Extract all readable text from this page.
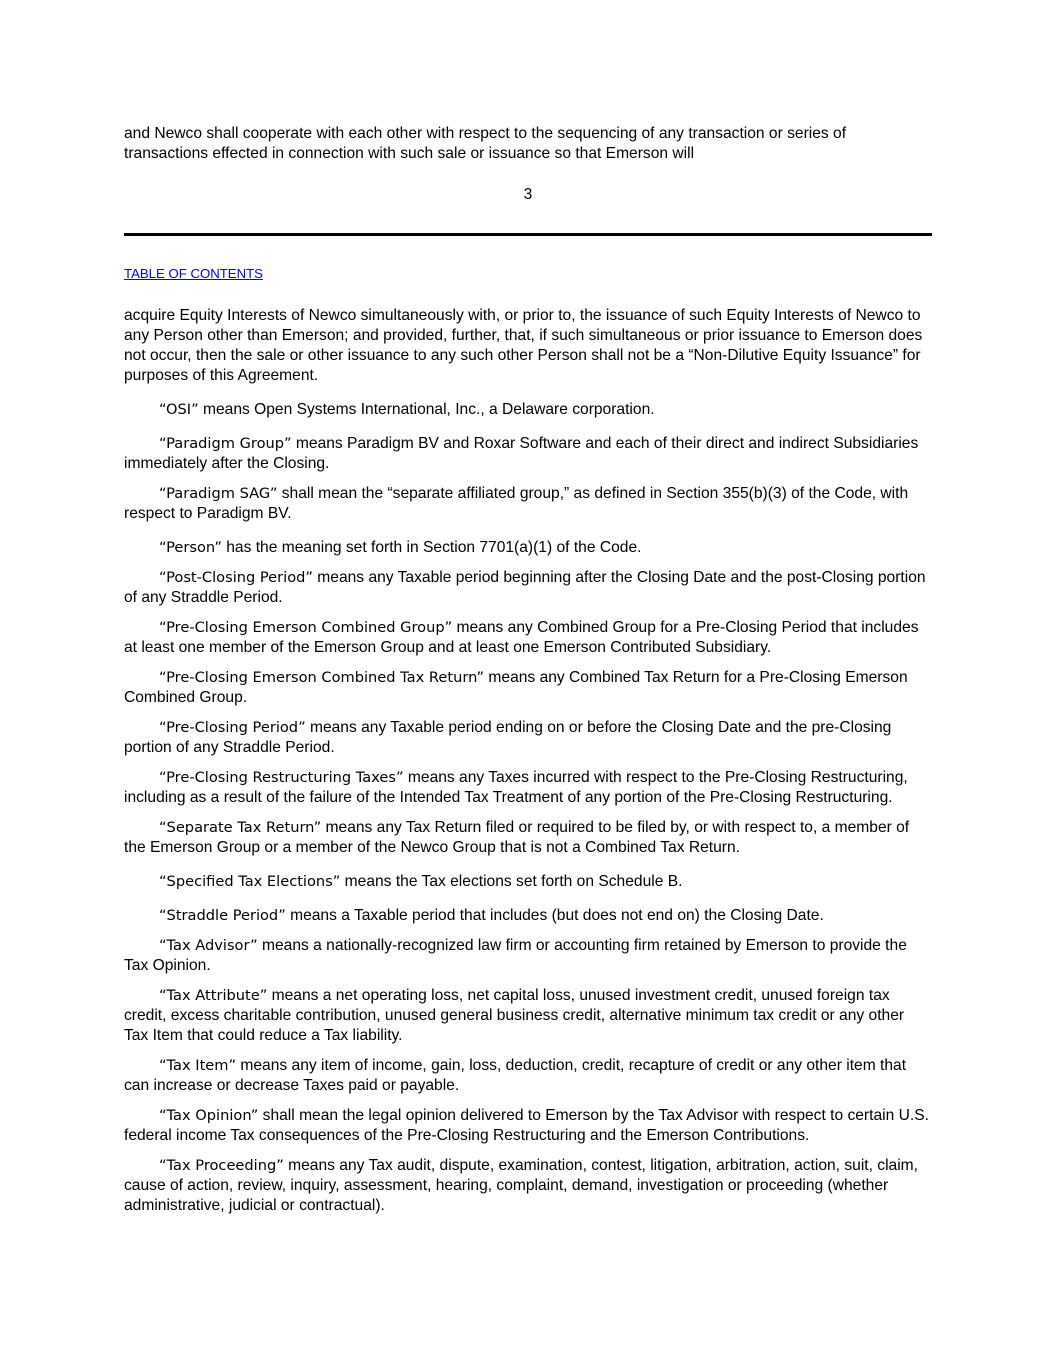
and Newco shall cooperate with each other with respect to the sequencing of any transaction or series of transactions effected in connection with such sale or issuance so that Emerson will

3
TABLE OF CONTENTS

acquire Equity Interests of Newco simultaneously with, or prior to, the issuance of such Equity Interests of Newco to any Person other than Emerson; and provided, further, that, if such simultaneous or prior issuance to Emerson does not occur, then the sale or other issuance to any such other Person shall not be a “Non-Dilutive Equity Issuance” for purposes of this Agreement.

“OSI” means Open Systems International, Inc., a Delaware corporation.

“Paradigm Group” means Paradigm BV and Roxar Software and each of their direct and indirect Subsidiaries immediately after the Closing.

“Paradigm SAG” shall mean the “separate affiliated group,” as defined in Section 355(b)(3) of the Code, with respect to Paradigm BV.

“Person” has the meaning set forth in Section 7701(a)(1) of the Code.

“Post-Closing Period” means any Taxable period beginning after the Closing Date and the post-Closing portion of any Straddle Period.

“Pre-Closing Emerson Combined Group” means any Combined Group for a Pre-Closing Period that includes at least one member of the Emerson Group and at least one Emerson Contributed Subsidiary.

“Pre-Closing Emerson Combined Tax Return” means any Combined Tax Return for a Pre-Closing Emerson Combined Group.

“Pre-Closing Period” means any Taxable period ending on or before the Closing Date and the pre-Closing portion of any Straddle Period.

“Pre-Closing Restructuring Taxes” means any Taxes incurred with respect to the Pre-Closing Restructuring, including as a result of the failure of the Intended Tax Treatment of any portion of the Pre-Closing Restructuring.

“Separate Tax Return” means any Tax Return filed or required to be filed by, or with respect to, a member of the Emerson Group or a member of the Newco Group that is not a Combined Tax Return.

“Specified Tax Elections” means the Tax elections set forth on Schedule B.

“Straddle Period” means a Taxable period that includes (but does not end on) the Closing Date.

“Tax Advisor” means a nationally-recognized law firm or accounting firm retained by Emerson to provide the Tax Opinion.

“Tax Attribute” means a net operating loss, net capital loss, unused investment credit, unused foreign tax credit, excess charitable contribution, unused general business credit, alternative minimum tax credit or any other Tax Item that could reduce a Tax liability.

“Tax Item” means any item of income, gain, loss, deduction, credit, recapture of credit or any other item that can increase or decrease Taxes paid or payable.

“Tax Opinion” shall mean the legal opinion delivered to Emerson by the Tax Advisor with respect to certain U.S. federal income Tax consequences of the Pre-Closing Restructuring and the Emerson Contributions.

“Tax Proceeding” means any Tax audit, dispute, examination, contest, litigation, arbitration, action, suit, claim, cause of action, review, inquiry, assessment, hearing, complaint, demand, investigation or proceeding (whether administrative, judicial or contractual).
